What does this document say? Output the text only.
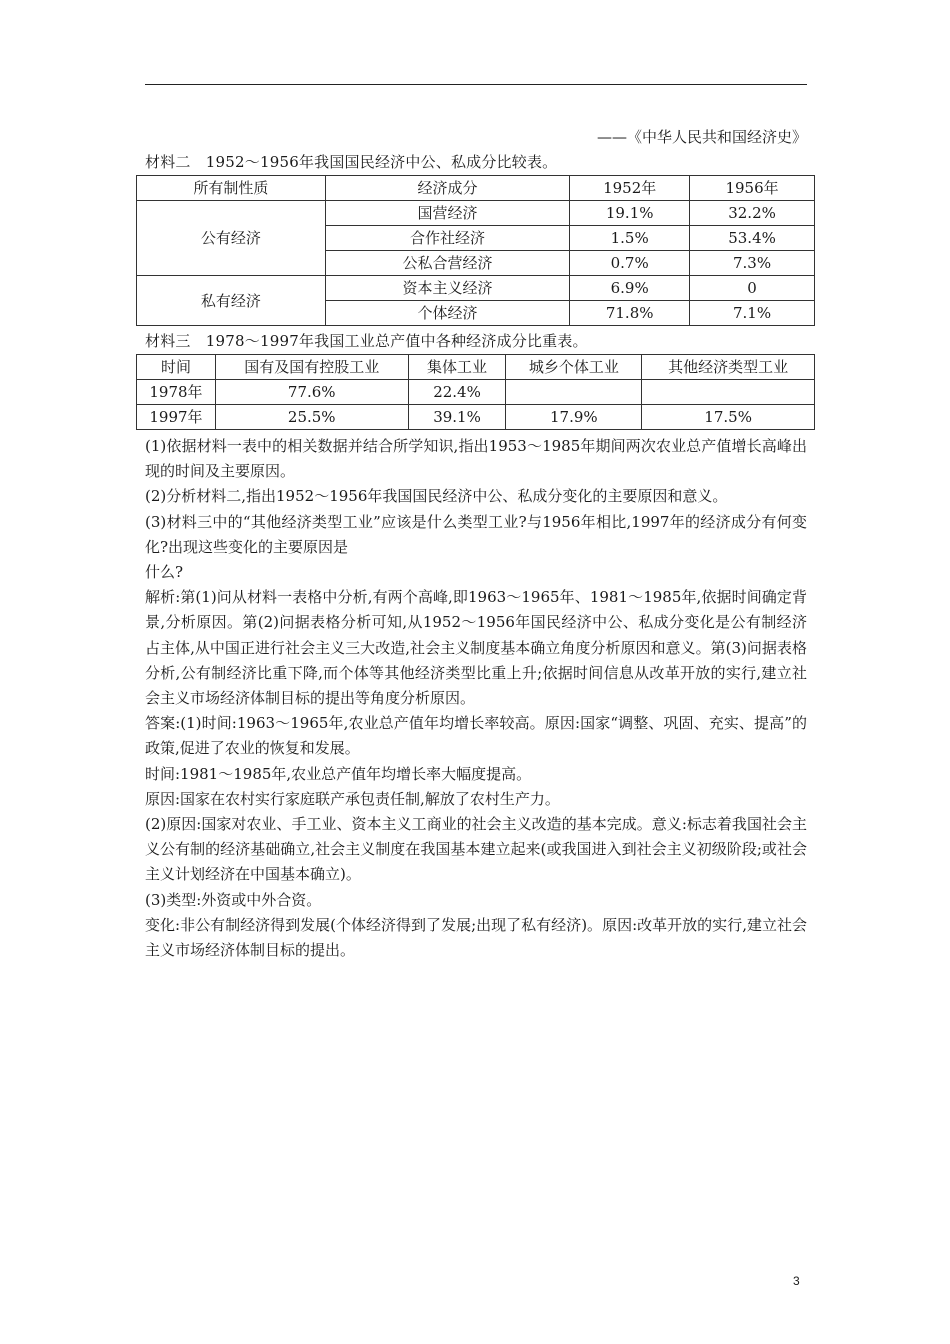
——《中华人民共和国经济史》
材料二　1952～1956年我国国民经济中公、私成分比较表。
所有制性质	经济成分	1952年	1956年
公有经济	国营经济	19.1%	32.2%
	合作社经济	1.5%	53.4%
	公私合营经济	0.7%	7.3%
私有经济	资本主义经济	6.9%	0
	个体经济	71.8%	7.1%
材料三　1978～1997年我国工业总产值中各种经济成分比重表。
时间	国有及国有控股工业	集体工业	城乡个体工业	其他经济类型工业
1978年	77.6%	22.4%		
1997年	25.5%	39.1%	17.9%	17.5%

(1)依据材料一表中的相关数据并结合所学知识,指出1953～1985年期间两次农业总产值增长高峰出现的时间及主要原因。

(2)分析材料二,指出1952～1956年我国国民经济中公、私成分变化的主要原因和意义。

(3)材料三中的“其他经济类型工业”应该是什么类型工业?与1956年相比,1997年的经济成分有何变化?出现这些变化的主要原因是

什么?

解析:第(1)问从材料一表格中分析,有两个高峰,即1963～1965年、1981～1985年,依据时间确定背景,分析原因。第(2)问据表格分析可知,从1952～1956年国民经济中公、私成分变化是公有制经济占主体,从中国正进行社会主义三大改造,社会主义制度基本确立角度分析原因和意义。第(3)问据表格分析,公有制经济比重下降,而个体等其他经济类型比重上升;依据时间信息从改革开放的实行,建立社会主义市场经济体制目标的提出等角度分析原因。

答案:(1)时间:1963～1965年,农业总产值年均增长率较高。原因:国家“调整、巩固、充实、提高”的政策,促进了农业的恢复和发展。

时间:1981～1985年,农业总产值年均增长率大幅度提高。

原因:国家在农村实行家庭联产承包责任制,解放了农村生产力。

(2)原因:国家对农业、手工业、资本主义工商业的社会主义改造的基本完成。意义:标志着我国社会主义公有制的经济基础确立,社会主义制度在我国基本建立起来(或我国进入到社会主义初级阶段;或社会主义计划经济在中国基本确立)。

(3)类型:外资或中外合资。

变化:非公有制经济得到发展(个体经济得到了发展;出现了私有经济)。原因:改革开放的实行,建立社会主义市场经济体制目标的提出。

3
